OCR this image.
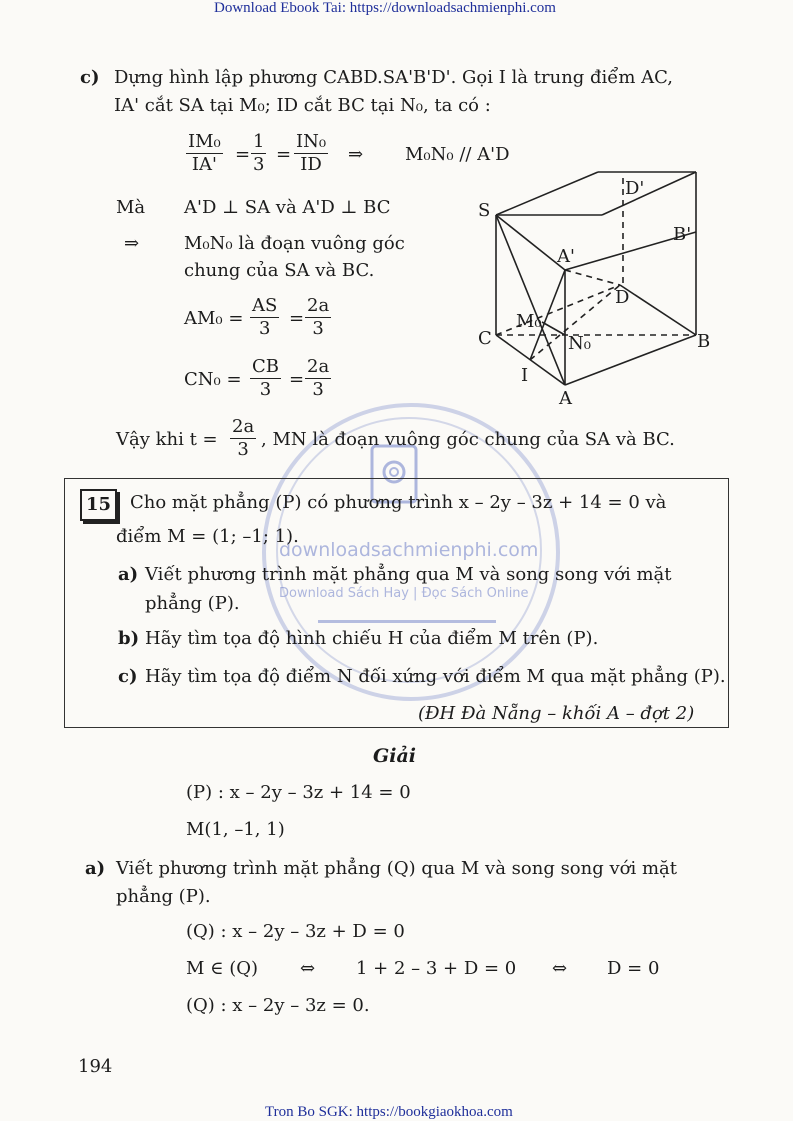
Download Ebook Tai: https://downloadsachmienphi.com
Tron Bo SGK: https://bookgiaokhoa.com
downloadsachmienphi.com
Download Sách Hay | Đọc Sách Online
c) Dựng hình lập phương CABD.SA'B'D'. Gọi I là trung điểm AC,
IA' cắt SA tại M₀; ID cắt BC tại N₀, ta có :
$\frac{\text{IM₀}}{IA'} = \frac{1}{3} = \frac{\text{IN₀}}{ID}$ ⇒ M₀N₀ // A'D
Mà A'D ⊥ SA và A'D ⊥ BC
⇒ M₀N₀ là đoạn vuông góc
chung của SA và BC.
$AM_0 = \frac{AS}{3} = \frac{2a}{3}$
$CN_0 = \frac{CB}{3} = \frac{2a}{3}$
Vậy khi $t = \frac{2a}{3}$ , MN là đoạn vuông góc chung của SA và BC.
S
D'
B'
A'
D
M₀
C	N₀	B
I
A
15	Cho mặt phẳng (P) có phương trình x – 2y – 3z + 14 = 0 và
điểm M = (1; –1; 1).
a) Viết phương trình mặt phẳng qua M và song song với mặt
phẳng (P).
b) Hãy tìm tọa độ hình chiếu H của điểm M trên (P).
c) Hãy tìm tọa độ điểm N đối xứng với điểm M qua mặt phẳng (P).
(ĐH Đà Nẵng – khối A – đợt 2)
Giải
(P) : x – 2y – 3z + 14 = 0
M(1, –1, 1)
a) Viết phương trình mặt phẳng (Q) qua M và song song với mặt
phẳng (P).
(Q) : x – 2y – 3z + D = 0
M ∈ (Q) ⇔ 1 + 2 – 3 + D = 0 ⇔ D = 0
(Q) : x – 2y – 3z = 0.
194
